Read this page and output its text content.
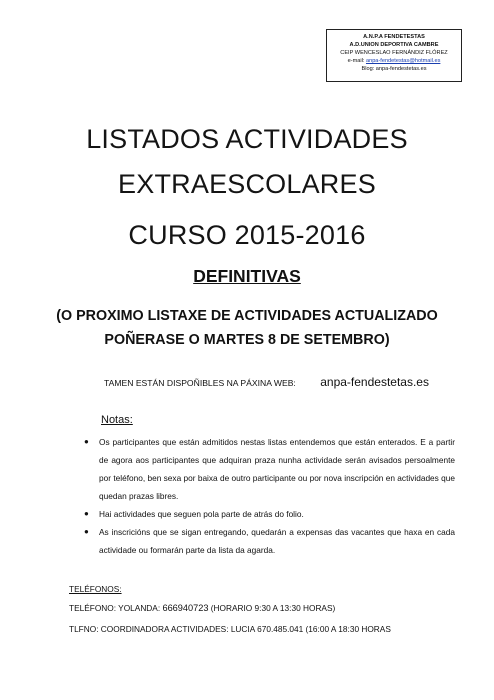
A.N.P.A FENDETESTAS
A.D.UNION DEPORTIVA CAMBRE
CEIP WENCESLAO FERNÁNDIZ FLÓREZ
e-mail: anpa-fendetestas@hotmail.es
Blog: anpa-fendestetas.es
LISTADOS ACTIVIDADES
EXTRAESCOLARES
CURSO 2015-2016
DEFINITIVAS
(O PROXIMO LISTAXE DE ACTIVIDADES ACTUALIZADO
POÑERASE O MARTES 8 DE SETEMBRO)
TAMEN ESTÁN DISPOÑIBLES NA PÁXINA WEB: anpa-fendestetas.es
Notas:
● Os participantes que están admitidos nestas listas entendemos que están enterados. E a partir de agora aos participantes que adquiran praza nunha actividade serán avisados persoalmente por teléfono, ben sexa por baixa de outro participante ou por nova inscripción en actividades que quedan prazas libres.
● Hai actividades que seguen pola parte de atrás do folio.
● As inscricións que se sigan entregando, quedarán a expensas das vacantes que haxa en cada actividade ou formarán parte da lista da agarda.
TELÉFONOS:
TELÉFONO: YOLANDA: 666940723 (HORARIO 9:30 A 13:30 HORAS)
TLFNO: COORDINADORA ACTIVIDADES: LUCIA 670.485.041 (16:00 A 18:30 HORAS
